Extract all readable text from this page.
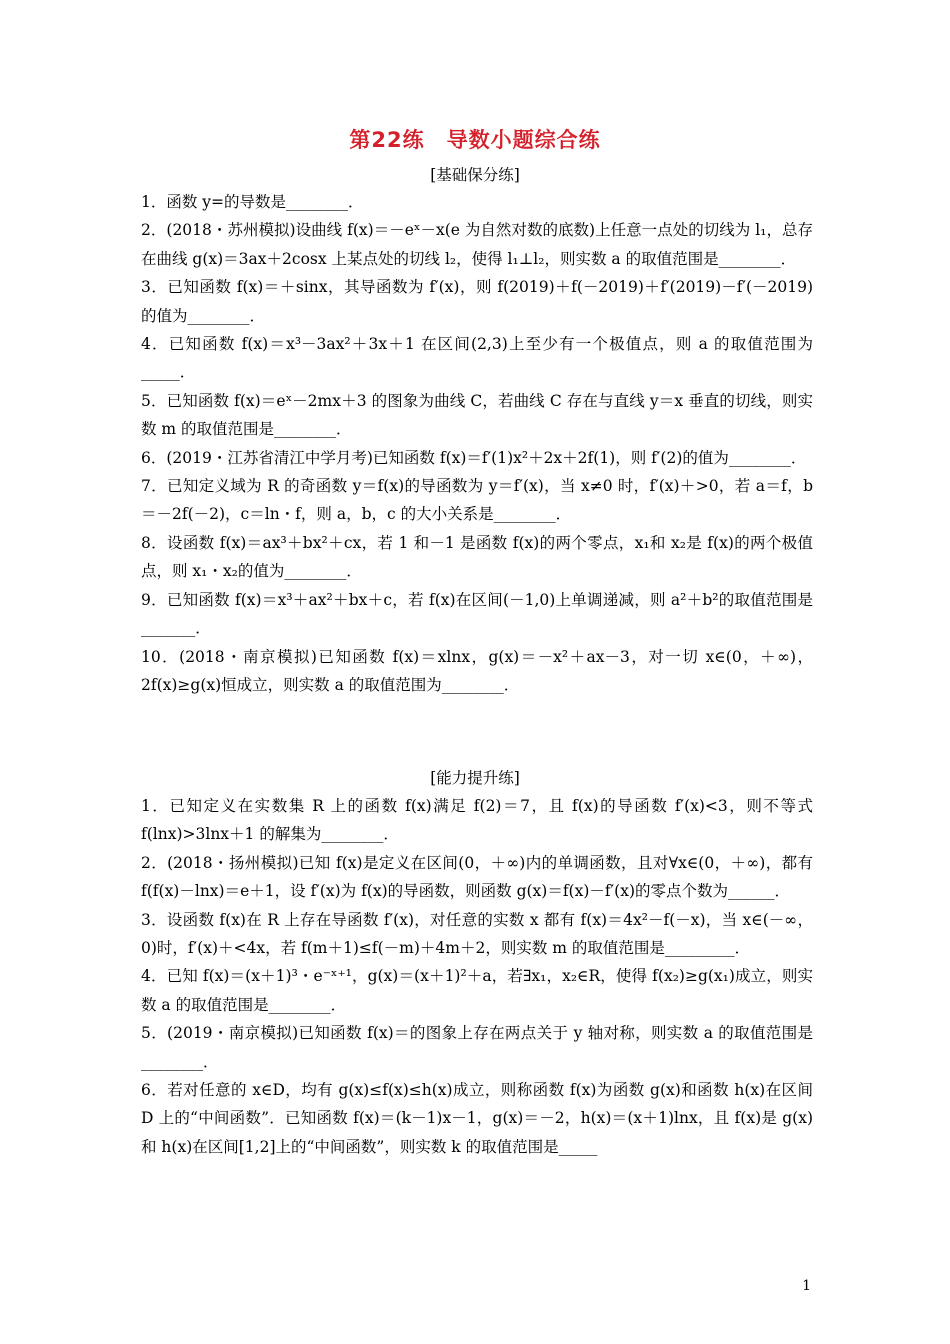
第22练　导数小题综合练
[基础保分练]
1．函数 y=的导数是________．
2．(2018・苏州模拟)设曲线 f(x)＝－eˣ－x(e 为自然对数的底数)上任意一点处的切线为 l₁，总存在曲线 g(x)＝3ax＋2cosx 上某点处的切线 l₂，使得 l₁⊥l₂，则实数 a 的取值范围是________．
3．已知函数 f(x)＝＋sinx，其导函数为 f′(x)，则 f(2019)＋f(－2019)＋f′(2019)－f′(－2019)的值为________．
4．已知函数 f(x)＝x³－3ax²＋3x＋1 在区间(2,3)上至少有一个极值点，则 a 的取值范围为_____．
5．已知函数 f(x)＝eˣ－2mx＋3 的图象为曲线 C，若曲线 C 存在与直线 y＝x 垂直的切线，则实数 m 的取值范围是________．
6．(2019・江苏省清江中学月考)已知函数 f(x)＝f′(1)x²＋2x＋2f(1)，则 f′(2)的值为________．
7．已知定义域为 R 的奇函数 y＝f(x)的导函数为 y＝f′(x)，当 x≠0 时，f′(x)＋>0，若 a＝f，b＝－2f(－2)，c＝ln・f，则 a，b，c 的大小关系是________．
8．设函数 f(x)＝ax³＋bx²＋cx，若 1 和－1 是函数 f(x)的两个零点，x₁和 x₂是 f(x)的两个极值点，则 x₁・x₂的值为________．
9．已知函数 f(x)＝x³＋ax²＋bx＋c，若 f(x)在区间(－1,0)上单调递减，则 a²＋b²的取值范围是_______．
10．(2018・南京模拟)已知函数 f(x)＝xlnx，g(x)＝－x²＋ax－3，对一切 x∈(0，＋∞)，2f(x)≥g(x)恒成立，则实数 a 的取值范围为________．
[能力提升练]
1．已知定义在实数集 R 上的函数 f(x)满足 f(2)＝7，且 f(x)的导函数 f′(x)<3，则不等式 f(lnx)>3lnx＋1 的解集为________．
2．(2018・扬州模拟)已知 f(x)是定义在区间(0，＋∞)内的单调函数，且对∀x∈(0，＋∞)，都有 f(f(x)－lnx)＝e＋1，设 f′(x)为 f(x)的导函数，则函数 g(x)＝f(x)－f′(x)的零点个数为______．
3．设函数 f(x)在 R 上存在导函数 f′(x)，对任意的实数 x 都有 f(x)＝4x²－f(－x)，当 x∈(－∞，0)时，f′(x)＋<4x，若 f(m＋1)≤f(－m)＋4m＋2，则实数 m 的取值范围是_________．
4．已知 f(x)＝(x＋1)³・e⁻ˣ⁺¹，g(x)＝(x＋1)²＋a，若∃x₁，x₂∈R，使得 f(x₂)≥g(x₁)成立，则实数 a 的取值范围是________．
5．(2019・南京模拟)已知函数 f(x)＝的图象上存在两点关于 y 轴对称，则实数 a 的取值范围是________．
6．若对任意的 x∈D，均有 g(x)≤f(x)≤h(x)成立，则称函数 f(x)为函数 g(x)和函数 h(x)在区间 D 上的“中间函数”．已知函数 f(x)＝(k－1)x－1，g(x)＝－2，h(x)＝(x＋1)lnx，且 f(x)是 g(x)和 h(x)在区间[1,2]上的“中间函数”，则实数 k 的取值范围是_____
1
